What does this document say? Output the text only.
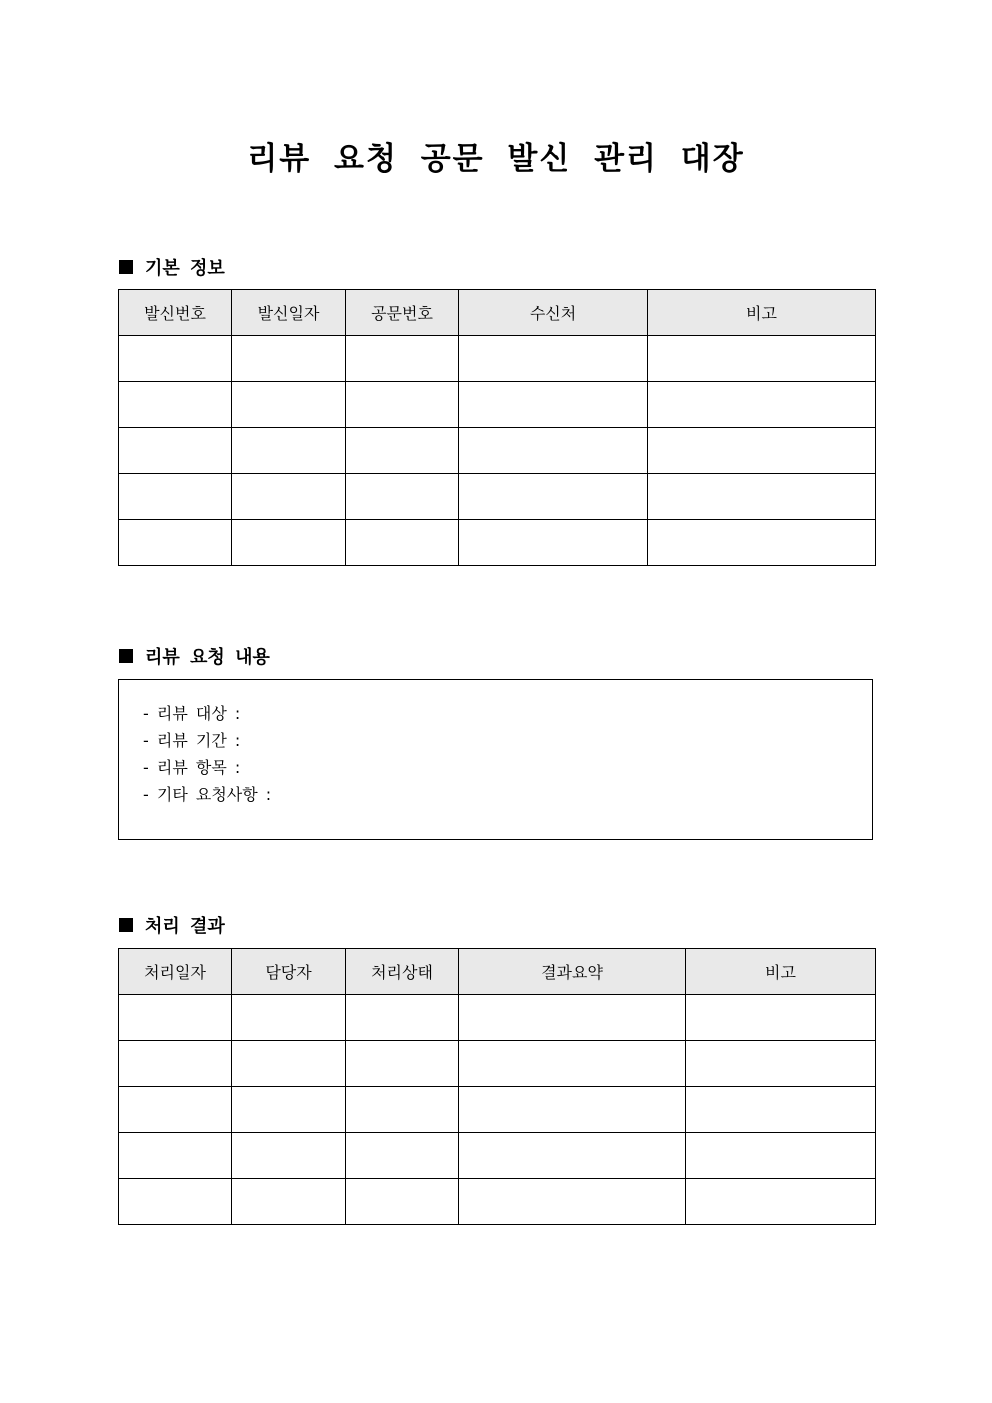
리뷰 요청 공문 발신 관리 대장
기본 정보
발신번호	발신일자	공문번호	수신처	비고

리뷰 요청 내용
- 리뷰 대상 :
- 리뷰 기간 :
- 리뷰 항목 :
- 기타 요청사항 :
처리 결과
처리일자	담당자	처리상태	결과요약	비고
